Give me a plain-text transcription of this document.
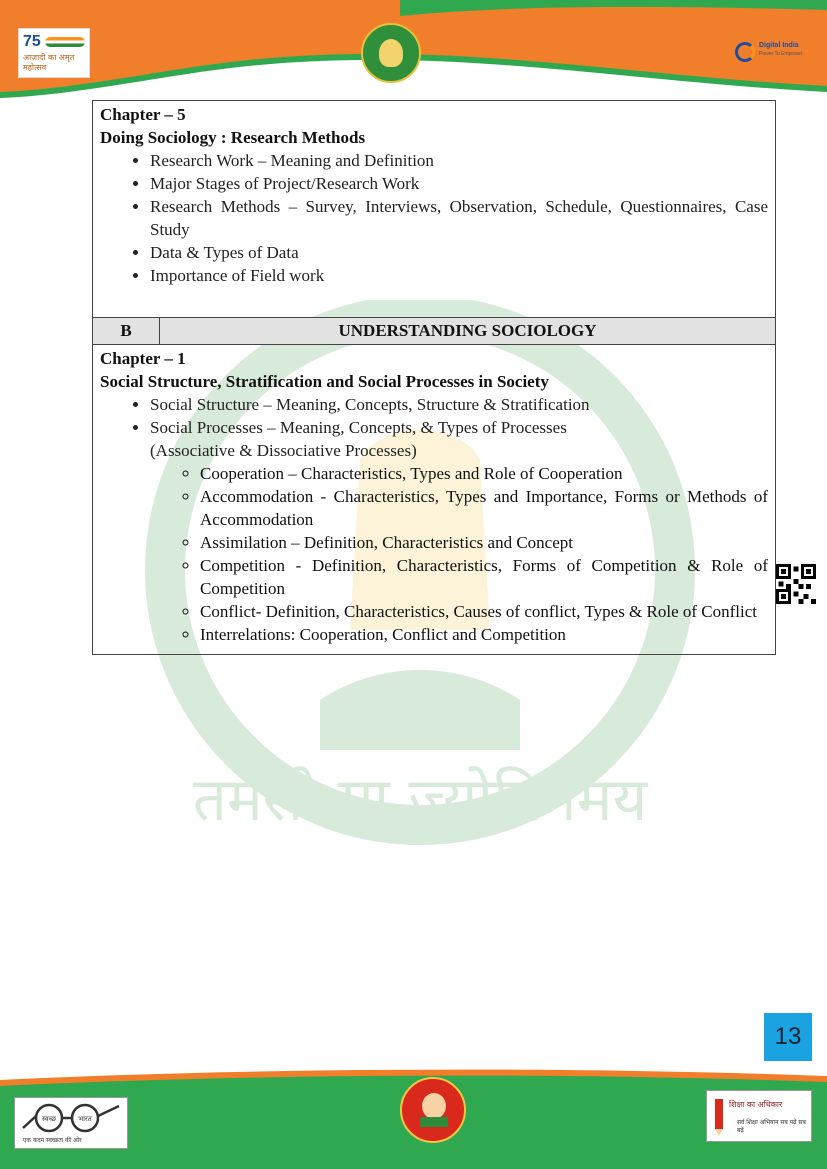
75
आज़ादी का अमृत महोत्सव
Digital India
Power To Empower
तमसो मा ज्योतिर्गमय
Chapter – 5
Doing Sociology : Research Methods
• Research Work – Meaning and Definition
• Major Stages of Project/Research Work
• Research Methods – Survey, Interviews, Observation, Schedule, Questionnaires, Case Study
• Data & Types of Data
• Importance of Field work

B	UNDERSTANDING SOCIOLOGY

Chapter – 1
Social Structure, Stratification and Social Processes in Society
• Social Structure – Meaning, Concepts, Structure & Stratification
• Social Processes – Meaning, Concepts, & Types of Processes
(Associative & Dissociative Processes)
◦ Cooperation – Characteristics, Types and Role of Cooperation
◦ Accommodation - Characteristics, Types and Importance, Forms or Methods of Accommodation
◦ Assimilation – Definition, Characteristics and Concept
◦ Competition - Definition, Characteristics, Forms of Competition & Role of Competition
◦ Conflict- Definition, Characteristics, Causes of conflict, Types & Role of Conflict
◦ Interrelations: Cooperation, Conflict and Competition
13
स्वच्छ	भारत
एक कदम स्वच्छता की ओर
शिक्षा का अधिकार
सर्व शिक्षा अभियान सब पढ़ें सब बढ़ें
